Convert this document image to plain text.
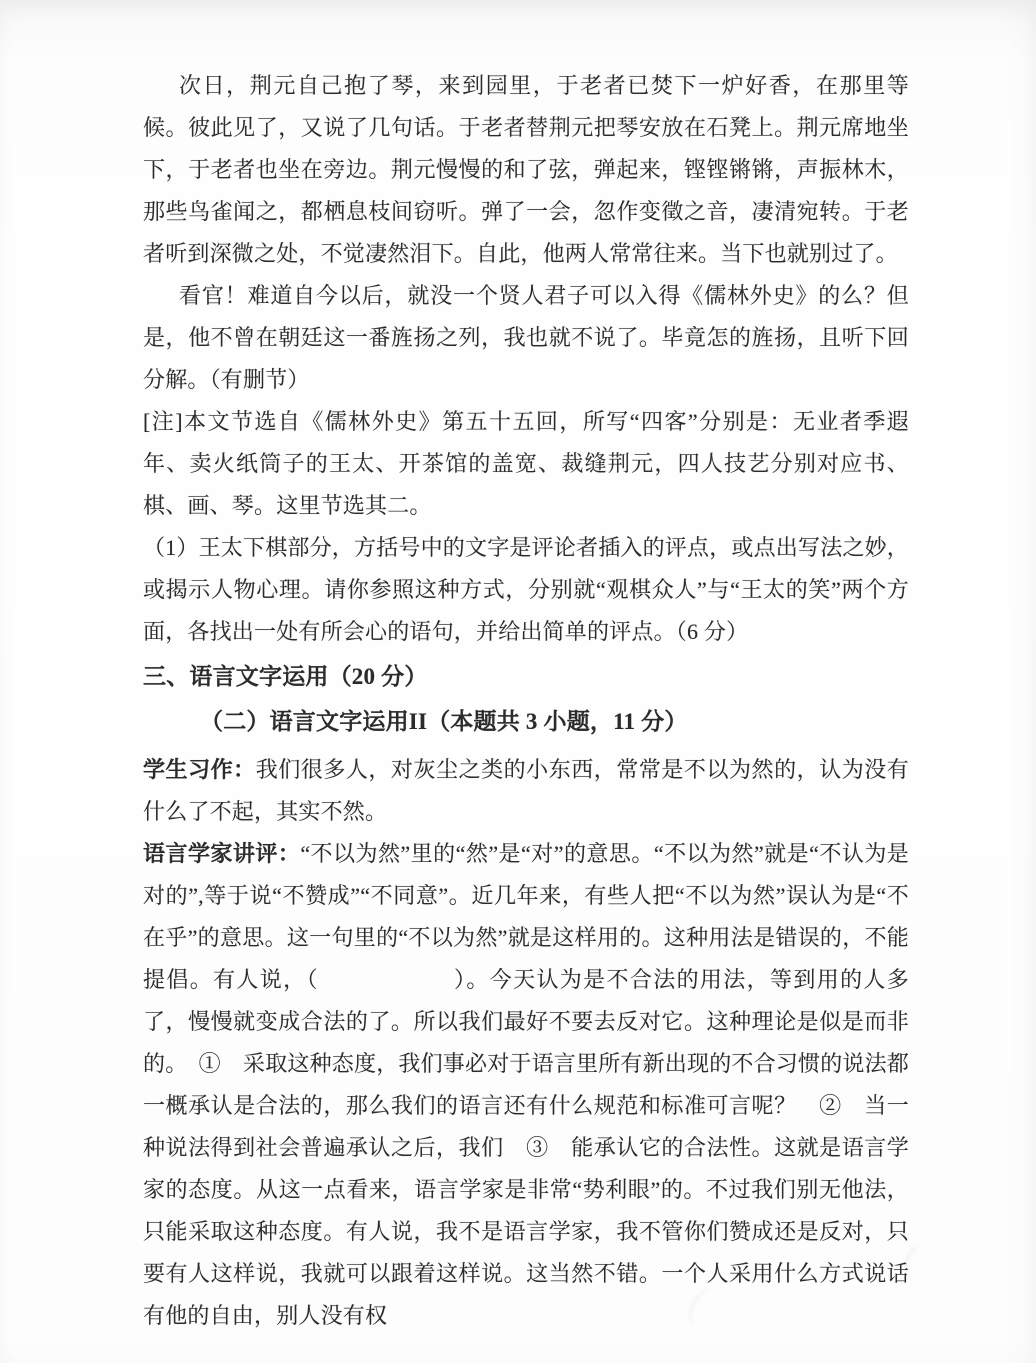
次日，荆元自己抱了琴，来到园里，于老者已焚下一炉好香，在那里等候。彼此见了，又说了几句话。于老者替荆元把琴安放在石凳上。荆元席地坐下，于老者也坐在旁边。荆元慢慢的和了弦，弹起来，铿铿锵锵，声振林木，那些鸟雀闻之，都栖息枝间窃听。弹了一会，忽作变徵之音，凄清宛转。于老者听到深微之处，不觉凄然泪下。自此，他两人常常往来。当下也就别过了。

看官！难道自今以后，就没一个贤人君子可以入得《儒林外史》的么？但是，他不曾在朝廷这一番旌扬之列，我也就不说了。毕竟怎的旌扬，且听下回分解。（有删节）

[注]本文节选自《儒林外史》第五十五回，所写“四客”分别是：无业者季遐年、卖火纸筒子的王太、开茶馆的盖宽、裁缝荆元，四人技艺分别对应书、棋、画、琴。这里节选其二。

（1）王太下棋部分，方括号中的文字是评论者插入的评点，或点出写法之妙，或揭示人物心理。请你参照这种方式，分别就“观棋众人”与“王太的笑”两个方面，各找出一处有所会心的语句，并给出简单的评点。（6 分）

三、语言文字运用（20 分）

（二）语言文字运用II（本题共 3 小题，11 分）

学生习作：我们很多人，对灰尘之类的小东西，常常是不以为然的，认为没有什么了不起，其实不然。

语言学家讲评：“不以为然”里的“然”是“对”的意思。“不以为然”就是“不认为是对的”,等于说“不赞成”“不同意”。近几年来，有些人把“不以为然”误认为是“不在乎”的意思。这一句里的“不以为然”就是这样用的。这种用法是错误的，不能提倡。有人说，（	）。今天认为是不合法的用法，等到用的人多了，慢慢就变成合法的了。所以我们最好不要去反对它。这种理论是似是而非的。　①　采取这种态度，我们事必对于语言里所有新出现的不合习惯的说法都一概承认是合法的，那么我们的语言还有什么规范和标准可言呢？　②　当一种说法得到社会普遍承认之后，我们　③　能承认它的合法性。这就是语言学家的态度。从这一点看来，语言学家是非常“势利眼”的。不过我们别无他法，只能采取这种态度。有人说，我不是语言学家，我不管你们赞成还是反对，只要有人这样说，我就可以跟着这样说。这当然不错。一个人采用什么方式说话有他的自由，别人没有权
